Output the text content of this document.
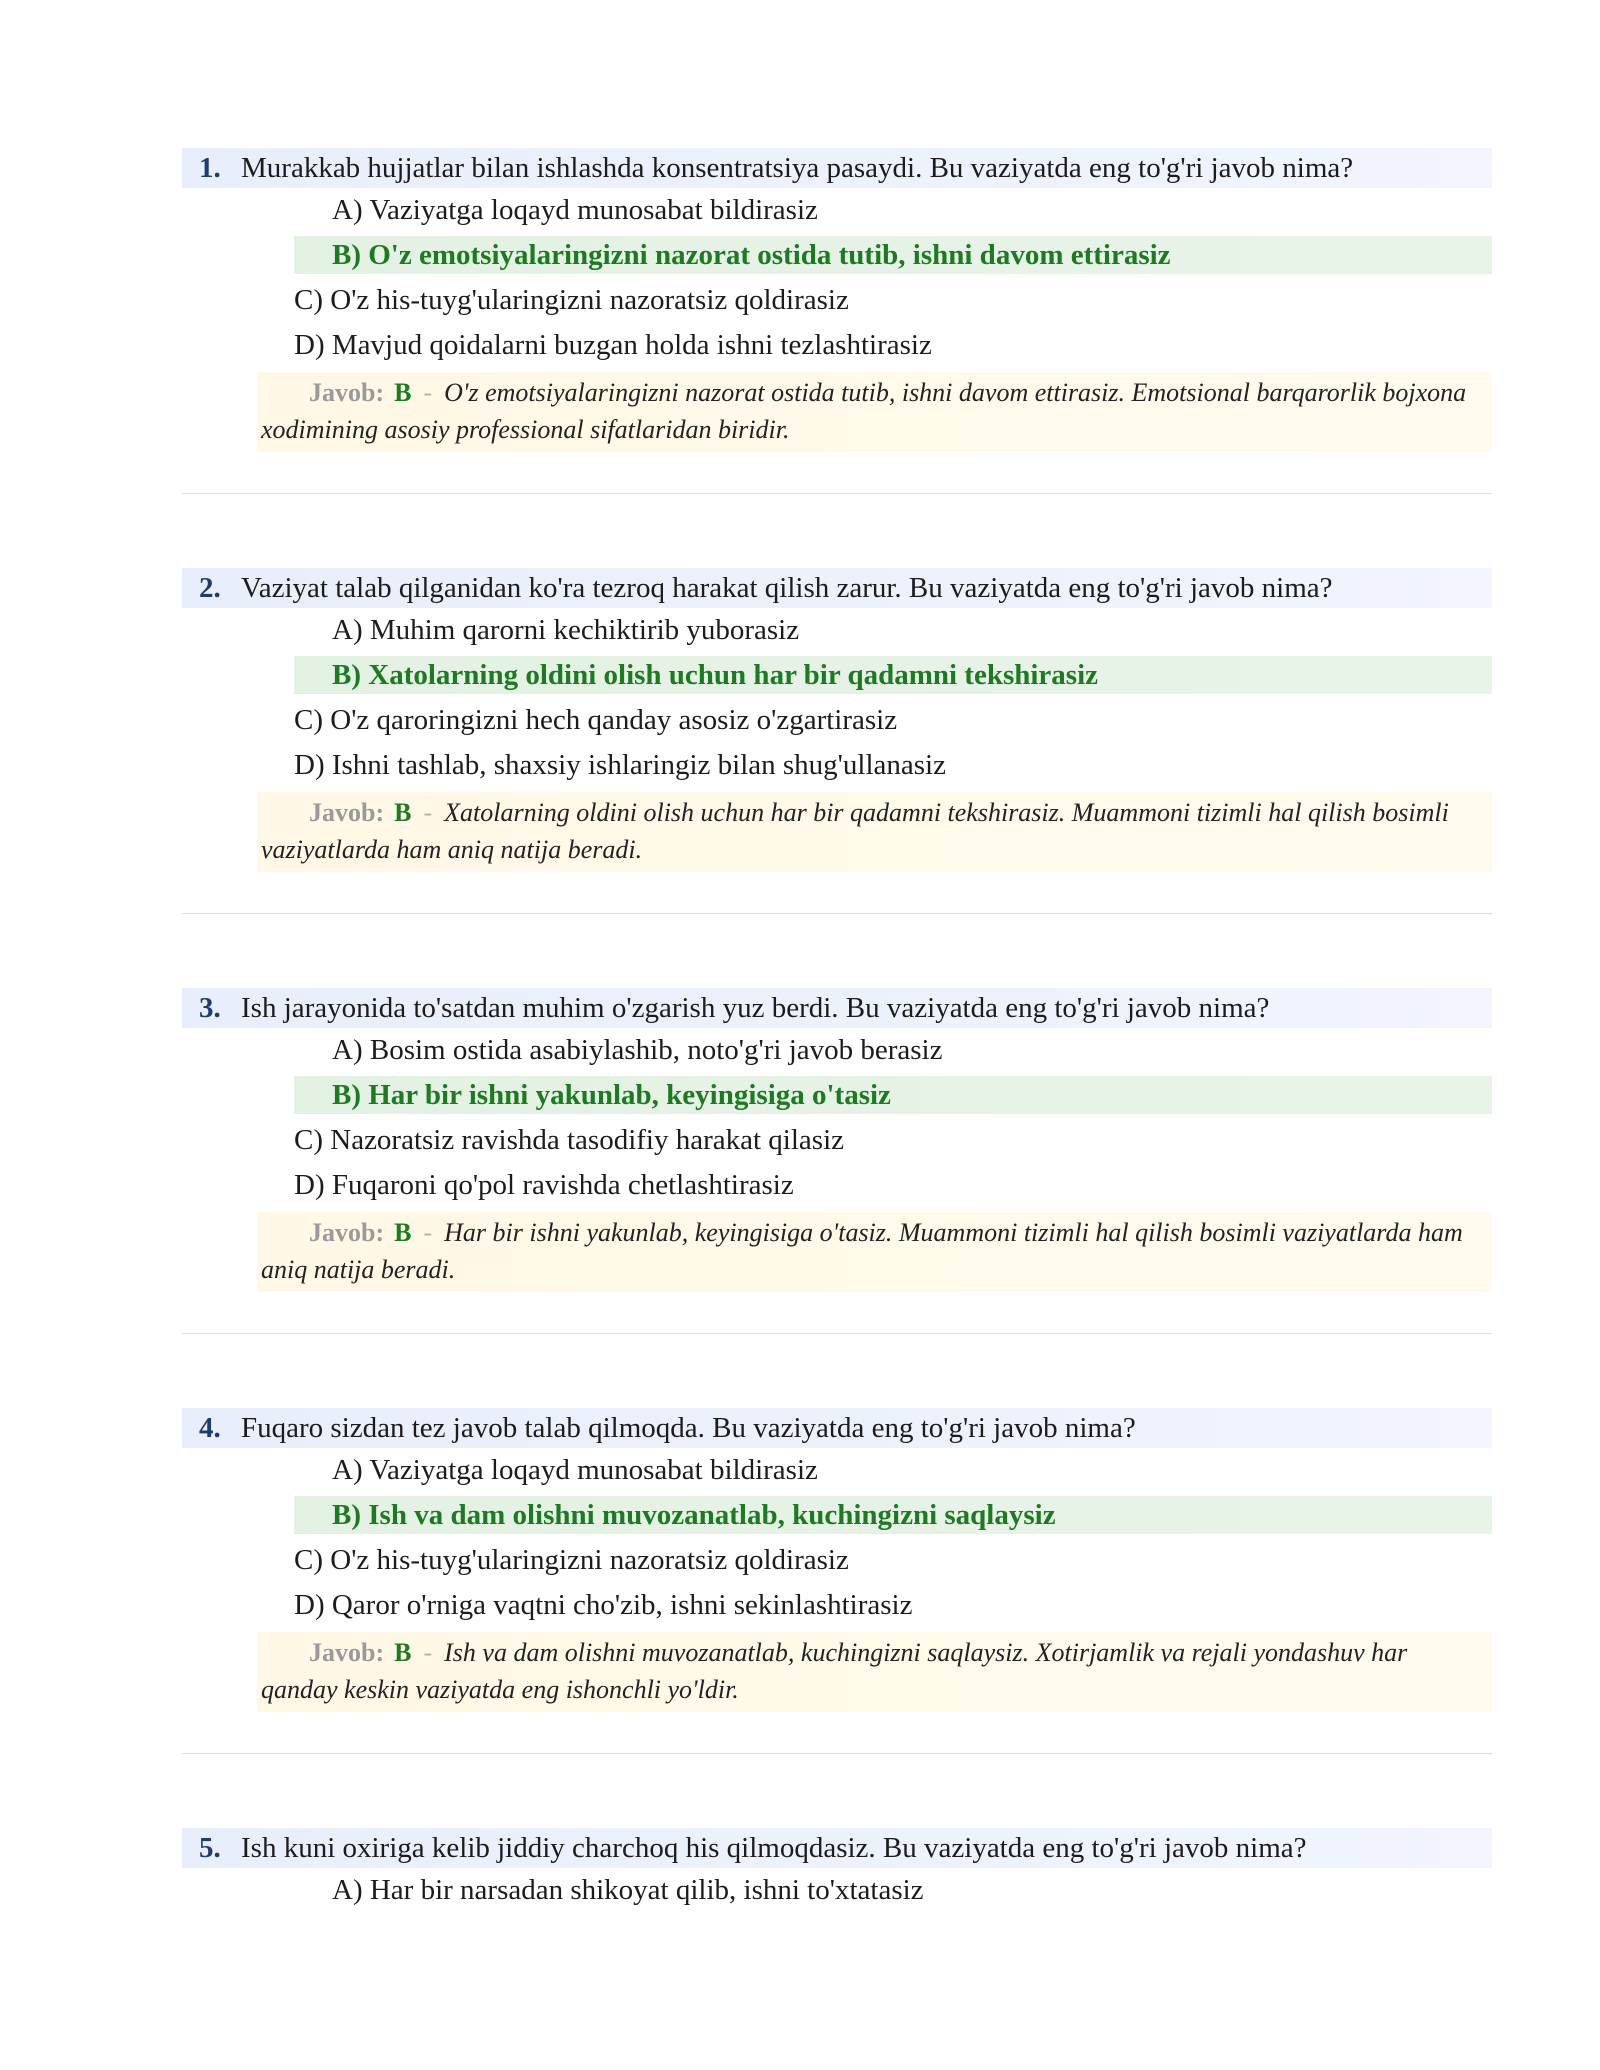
1. Murakkab hujjatlar bilan ishlashda konsentratsiya pasaydi. Bu vaziyatda eng to'g'ri javob nima?
A) Vaziyatga loqayd munosabat bildirasiz
B) O'z emotsiyalaringizni nazorat ostida tutib, ishni davom ettirasiz
C) O'z his-tuyg'ularingizni nazoratsiz qoldirasiz
D) Mavjud qoidalarni buzgan holda ishni tezlashtirasiz
Javob: B - O'z emotsiyalaringizni nazorat ostida tutib, ishni davom ettirasiz. Emotsional barqarorlik bojxona xodimining asosiy professional sifatlaridan biridir.
2. Vaziyat talab qilganidan ko'ra tezroq harakat qilish zarur. Bu vaziyatda eng to'g'ri javob nima?
A) Muhim qarorni kechiktirib yuborasiz
B) Xatolarning oldini olish uchun har bir qadamni tekshirasiz
C) O'z qaroringizni hech qanday asosiz o'zgartirasiz
D) Ishni tashlab, shaxsiy ishlaringiz bilan shug'ullanasiz
Javob: B - Xatolarning oldini olish uchun har bir qadamni tekshirasiz. Muammoni tizimli hal qilish bosimli vaziyatlarda ham aniq natija beradi.
3. Ish jarayonida to'satdan muhim o'zgarish yuz berdi. Bu vaziyatda eng to'g'ri javob nima?
A) Bosim ostida asabiylashib, noto'g'ri javob berasiz
B) Har bir ishni yakunlab, keyingisiga o'tasiz
C) Nazoratsiz ravishda tasodifiy harakat qilasiz
D) Fuqaroni qo'pol ravishda chetlashtirasiz
Javob: B - Har bir ishni yakunlab, keyingisiga o'tasiz. Muammoni tizimli hal qilish bosimli vaziyatlarda ham aniq natija beradi.
4. Fuqaro sizdan tez javob talab qilmoqda. Bu vaziyatda eng to'g'ri javob nima?
A) Vaziyatga loqayd munosabat bildirasiz
B) Ish va dam olishni muvozanatlab, kuchingizni saqlaysiz
C) O'z his-tuyg'ularingizni nazoratsiz qoldirasiz
D) Qaror o'rniga vaqtni cho'zib, ishni sekinlashtirasiz
Javob: B - Ish va dam olishni muvozanatlab, kuchingizni saqlaysiz. Xotirjamlik va rejali yondashuv har qanday keskin vaziyatda eng ishonchli yo'ldir.
5. Ish kuni oxiriga kelib jiddiy charchoq his qilmoqdasiz. Bu vaziyatda eng to'g'ri javob nima?
A) Har bir narsadan shikoyat qilib, ishni to'xtatasiz
